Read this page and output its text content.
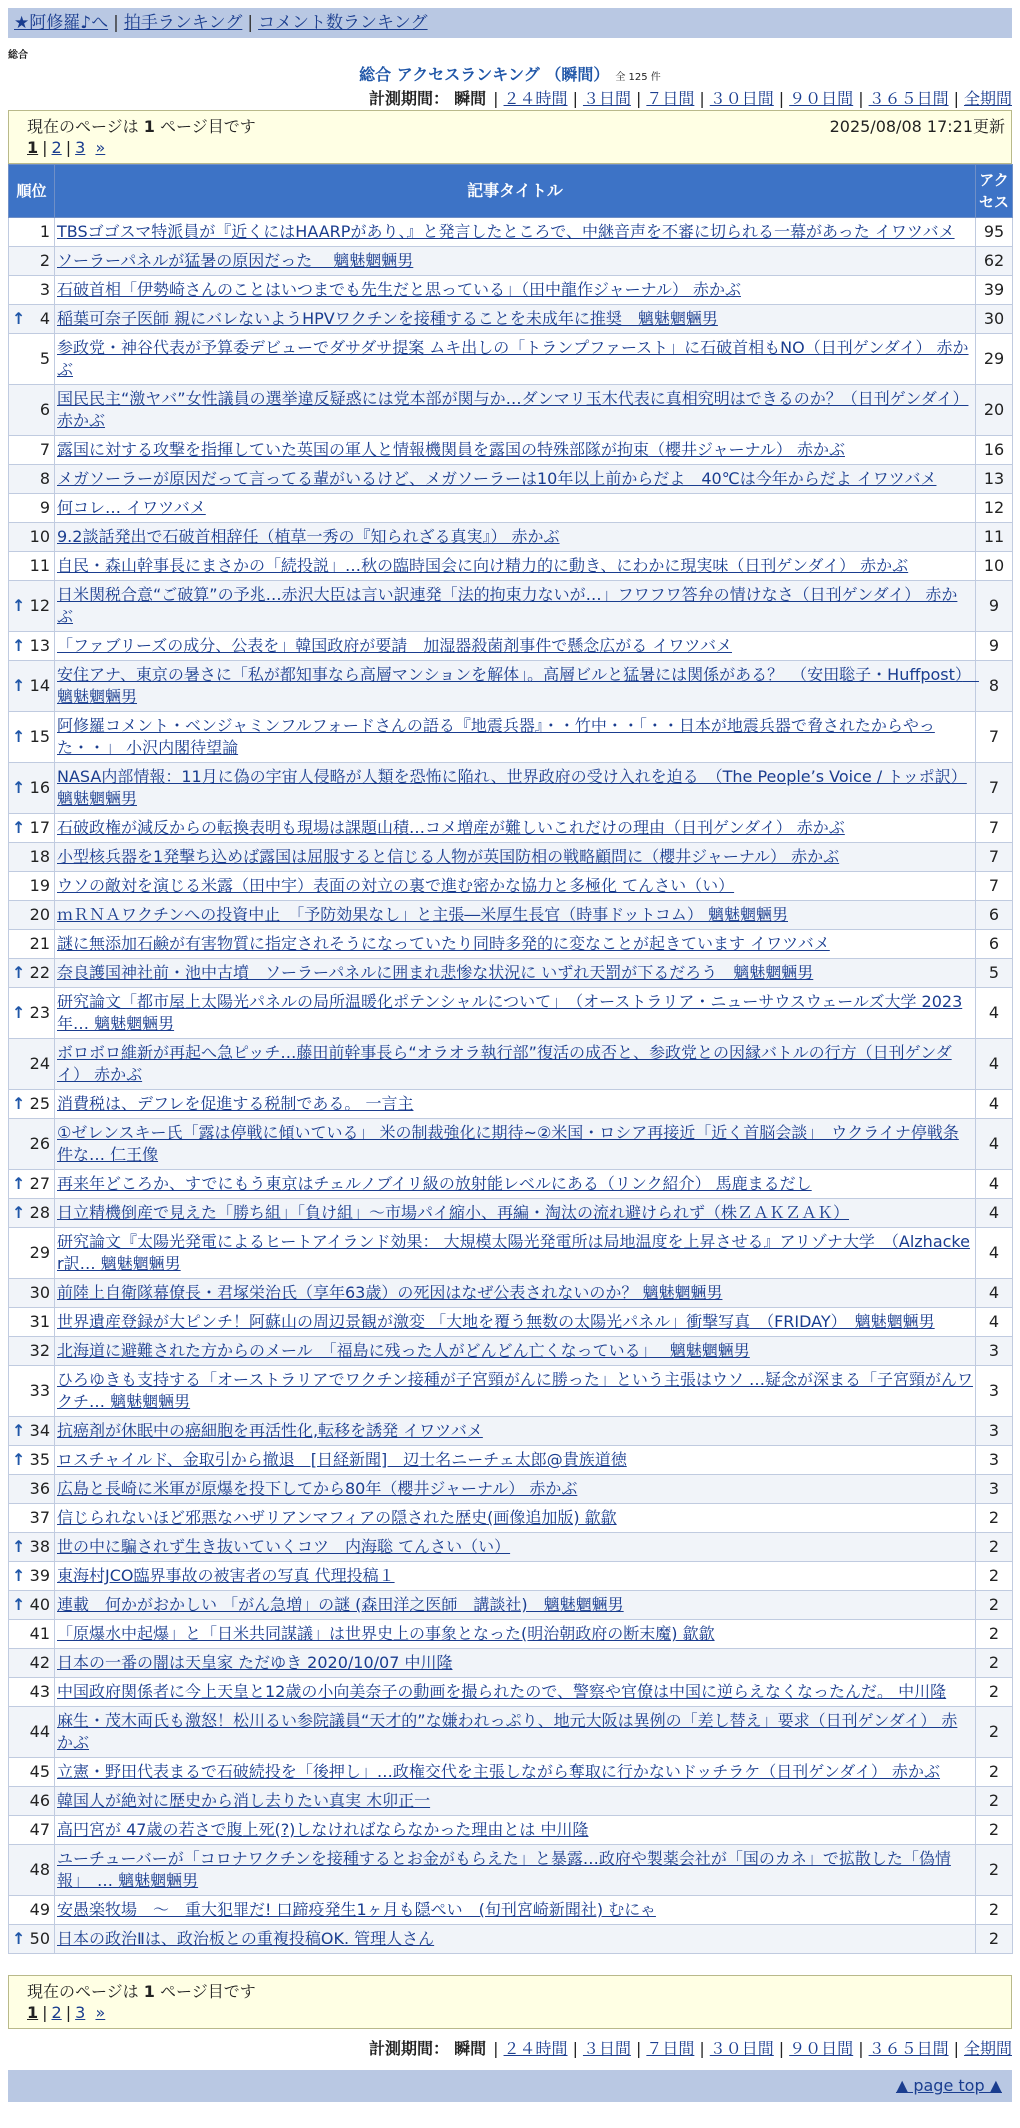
★阿修羅♪へ | 拍手ランキング | コメント数ランキング
総合
総合 アクセスランキング （瞬間） 全 125 件
計測期間： 瞬間 | ２４時間 | ３日間 | ７日間 | ３０日間 | ９０日間 | ３６５日間 | 全期間
現在のページは 1 ページ目です	2025/08/08 17:21更新
1 | 2 | 3 »
順位	記事タイトル	アクセス
1	TBSゴゴスマ特派員が『近くにはHAARPがあり、』と発言したところで、中継音声を不審に切られる一幕があった イワツバメ	95
2	ソーラーパネルが猛暑の原因だった　 魑魅魍魎男	62
3	石破首相「伊勢崎さんのことはいつまでも先生だと思っている」（田中龍作ジャーナル） 赤かぶ	39

↑ 4	稲葉可奈子医師 親にバレないようHPVワクチンを接種することを未成年に推奨　魑魅魍魎男	30
5	参政党・神谷代表が予算委デビューでダサダサ提案 ムキ出しの「トランプファースト」に石破首相もNO（日刊ゲンダイ） 赤かぶ	29
6	国民民主“激ヤバ”女性議員の選挙違反疑惑には党本部が関与か…ダンマリ玉木代表に真相究明はできるのか？（日刊ゲンダイ） 赤かぶ	20
7	露国に対する攻撃を指揮していた英国の軍人と情報機関員を露国の特殊部隊が拘束（櫻井ジャーナル） 赤かぶ	16
8	メガソーラーが原因だって言ってる輩がいるけど、メガソーラーは10年以上前からだよ　40℃は今年からだよ イワツバメ	13
9	何コレ… イワツバメ	12
10	9.2談話発出で石破首相辞任（植草一秀の『知られざる真実』） 赤かぶ	11
11	自民・森山幹事長にまさかの「続投説」…秋の臨時国会に向け精力的に動き、にわかに現実味（日刊ゲンダイ） 赤かぶ	10

↑ 12	日米関税合意“ご破算”の予兆…赤沢大臣は言い訳連発「法的拘束力ないが…」フワフワ答弁の情けなさ（日刊ゲンダイ） 赤かぶ	9

↑ 13	「ファブリーズの成分、公表を」韓国政府が要請　加湿器殺菌剤事件で懸念広がる イワツバメ	9

↑ 14	安住アナ、東京の暑さに「私が都知事なら高層マンションを解体」。高層ビルと猛暑には関係がある？　（安田聡子・Huffpost）　魑魅魍魎男	8

↑ 15	阿修羅コメント・ベンジャミンフルフォードさんの語る『地震兵器』・・竹中・・「・・日本が地震兵器で脅されたからやった・・」 小沢内閣待望論	7

↑ 16	NASA内部情報：11月に偽の宇宙人侵略が人類を恐怖に陥れ、世界政府の受け入れを迫る　（The People’s Voice / トッポ訳） 魑魅魍魎男	7

↑ 17	石破政権が減反からの転換表明も現場は課題山積…コメ増産が難しいこれだけの理由（日刊ゲンダイ） 赤かぶ	7
18	小型核兵器を1発撃ち込めば露国は屈服すると信じる人物が英国防相の戦略顧問に（櫻井ジャーナル） 赤かぶ	7
19	ウソの敵対を演じる米露（田中宇）表面の対立の裏で進む密かな協力と多極化 てんさい（い）	7
20	ｍＲＮＡワクチンへの投資中止　「予防効果なし」と主張―米厚生長官（時事ドットコム） 魑魅魍魎男	6
21	謎に無添加石鹸が有害物質に指定されそうになっていたり同時多発的に変なことが起きています イワツバメ	6

↑ 22	奈良護国神社前・池中古墳　ソーラーパネルに囲まれ悲惨な状況に いずれ天罰が下るだろう　魑魅魍魎男	5

↑ 23	研究論文「都市屋上太陽光パネルの局所温暖化ポテンシャルについて」　（オーストラリア・ニューサウスウェールズ大学 2023年… 魑魅魍魎男	4
24	ボロボロ維新が再起へ急ピッチ…藤田前幹事長ら“オラオラ執行部”復活の成否と、参政党との因縁バトルの行方（日刊ゲンダイ） 赤かぶ	4

↑ 25	消費税は、デフレを促進する税制である。 一言主	4
26	①ゼレンスキー氏「露は停戦に傾いている」 米の制裁強化に期待~②米国・ロシア再接近「近く首脳会談」　ウクライナ停戦条件な… 仁王像	4

↑ 27	再来年どころか、すでにもう東京はチェルノブイリ級の放射能レベルにある（リンク紹介） 馬鹿まるだし	4

↑ 28	日立精機倒産で見えた「勝ち組」「負け組」～市場パイ縮小、再編・淘汰の流れ避けられず（株ＺＡＫＺＡＫ）	4
29	研究論文『太陽光発電によるヒートアイランド効果： 大規模太陽光発電所は局地温度を上昇させる』アリゾナ大学　（Alzhacker訳… 魑魅魍魎男	4
30	前陸上自衛隊幕僚長・君塚栄治氏（享年63歳）の死因はなぜ公表されないのか？ 魑魅魍魎男	4
31	世界遺産登録が大ピンチ！阿蘇山の周辺景観が激変 「大地を覆う無数の太陽光パネル」衝撃写真　（FRIDAY）　魑魅魍魎男	4
32	北海道に避難された方からのメール　「福島に残った人がどんどん亡くなっている」　 魑魅魍魎男	3
33	ひろゆきも支持する「オーストラリアでワクチン接種が子宮頸がんに勝った」という主張はウソ …疑念が深まる「子宮頸がんワクチ… 魑魅魍魎男	3

↑ 34	抗癌剤が休眠中の癌細胞を再活性化,転移を誘発 イワツバメ	3

↑ 35	ロスチャイルド、金取引から撤退　[日経新聞]　辺士名ニーチェ太郎@貴族道徳	3
36	広島と長崎に米軍が原爆を投下してから80年（櫻井ジャーナル） 赤かぶ	3
37	信じられないほど邪悪なハザリアンマフィアの隠された歴史(画像追加版) 歙歙	2

↑ 38	世の中に騙されず生き抜いていくコツ　内海聡 てんさい（い）	2

↑ 39	東海村JCO臨界事故の被害者の写真 代理投稿１	2

↑ 40	連載　何かがおかしい 「がん急増」の謎 (森田洋之医師　講談社)　魑魅魍魎男	2
41	「原爆水中起爆」と「日米共同謀議」は世界史上の事象となった(明治朝政府の断末魔) 歙歙	2
42	日本の一番の闇は天皇家 ただゆき 2020/10/07 中川隆	2
43	中国政府関係者に今上天皇と12歳の小向美奈子の動画を撮られたので、警察や官僚は中国に逆らえなくなったんだ。 中川隆	2
44	麻生・茂木両氏も激怒！松川るい参院議員“天才的”な嫌われっぷり、地元大阪は異例の「差し替え」要求（日刊ゲンダイ） 赤かぶ	2
45	立憲・野田代表まるで石破続投を「後押し」…政権交代を主張しながら奪取に行かないドッチラケ（日刊ゲンダイ） 赤かぶ	2
46	韓国人が絶対に歴史から消し去りたい真実 木卯正一	2
47	高円宮が 47歳の若さで腹上死(?)しなければならなかった理由とは 中川隆	2
48	ユーチューバーが「コロナワクチンを接種するとお金がもらえた」と暴露…政府や製薬会社が「国のカネ」で拡散した「偽情報」　… 魑魅魍魎男	2
49	安愚楽牧場　～　重大犯罪だ! 口蹄疫発生1ヶ月も隠ぺい　(旬刊宮崎新聞社) むにゃ	2

↑ 50	日本の政治Ⅱは、政治板との重複投稿OK. 管理人さん	2
現在のページは 1 ページ目です
1 | 2 | 3 »
計測期間： 瞬間 | ２４時間 | ３日間 | ７日間 | ３０日間 | ９０日間 | ３６５日間 | 全期間
▲ page top ▲
